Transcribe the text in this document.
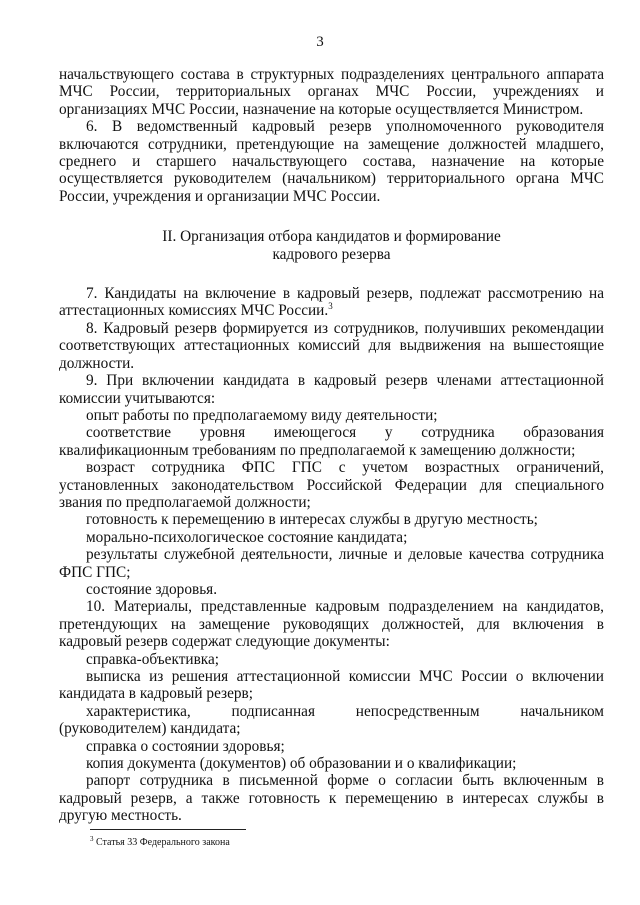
3

начальствующего состава в структурных подразделениях центрального аппарата МЧС России, территориальных органах МЧС России, учреждениях и организациях МЧС России, назначение на которые осуществляется Министром.

6. В ведомственный кадровый резерв уполномоченного руководителя включаются сотрудники, претендующие на замещение должностей младшего, среднего и старшего начальствующего состава, назначение на которые осуществляется руководителем (начальником) территориального органа МЧС России, учреждения и организации МЧС России.

II. Организация отбора кандидатов и формирование
кадрового резерва

7. Кандидаты на включение в кадровый резерв, подлежат рассмотрению на аттестационных комиссиях МЧС России.$^3$

8. Кадровый резерв формируется из сотрудников, получивших рекомендации соответствующих аттестационных комиссий для выдвижения на вышестоящие должности.

9. При включении кандидата в кадровый резерв членами аттестационной комиссии учитываются:

опыт работы по предполагаемому виду деятельности;

соответствие уровня имеющегося у сотрудника образования квалификационным требованиям по предполагаемой к замещению должности;

возраст сотрудника ФПС ГПС с учетом возрастных ограничений, установленных законодательством Российской Федерации для специального звания по предполагаемой должности;

готовность к перемещению в интересах службы в другую местность;

морально-психологическое состояние кандидата;

результаты служебной деятельности, личные и деловые качества сотрудника ФПС ГПС;

состояние здоровья.

10. Материалы, представленные кадровым подразделением на кандидатов, претендующих на замещение руководящих должностей, для включения в кадровый резерв содержат следующие документы:

справка-объективка;

выписка из решения аттестационной комиссии МЧС России о включении кандидата в кадровый резерв;

характеристика, подписанная непосредственным начальником (руководителем) кандидата;

справка о состоянии здоровья;

копия документа (документов) об образовании и о квалификации;

рапорт сотрудника в письменной форме о согласии быть включенным в кадровый резерв, а также готовность к перемещению в интересах службы в другую местность.

$^3$ Статья 33 Федерального закона
